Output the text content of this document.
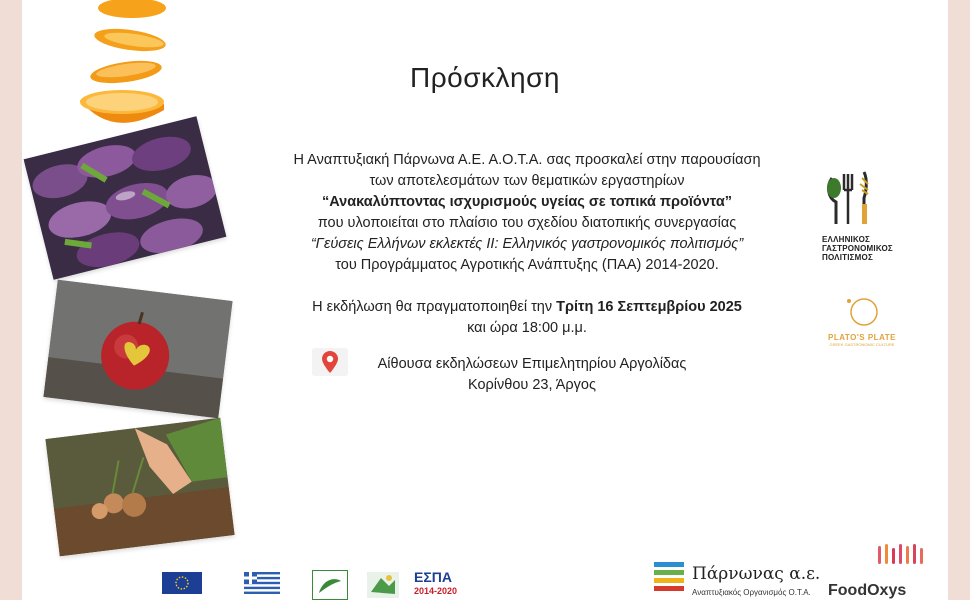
Πρόσκληση

Η Αναπτυξιακή Πάρνωνα Α.Ε. Α.Ο.Τ.Α. σας προσκαλεί στην παρουσίαση

των αποτελεσμάτων των θεματικών εργαστηρίων

“Ανακαλύπτοντας ισχυρισμούς υγείας σε τοπικά προϊόντα”

που υλοποιείται στο πλαίσιο του σχεδίου διατοπικής συνεργασίας

“Γεύσεις Ελλήνων εκλεκτές ΙΙ: Ελληνικός γαστρονομικός πολιτισμός”

του Προγράμματος Αγροτικής Ανάπτυξης (ΠΑΑ) 2014-2020.

Η εκδήλωση θα πραγματοποιηθεί την Τρίτη 16 Σεπτεμβρίου 2025

και ώρα 18:00 μ.μ.

Αίθουσα εκδηλώσεων Επιμελητηρίου Αργολίδας
Κορίνθου 23, Άργος
ΕΛΛΗΝΙΚΟΣ
ΓΑΣΤΡΟΝΟΜΙΚΟΣ
ΠΟΛΙΤΙΣΜΟΣ
PLATO'S PLATE
GREEK GASTRONOMIC CULTURE
ΕΣΠΑ
2014-2020
Πάρνωνας α.ε.
Αναπτυξιακός Οργανισμός Ο.Τ.Α. FoodOxys
